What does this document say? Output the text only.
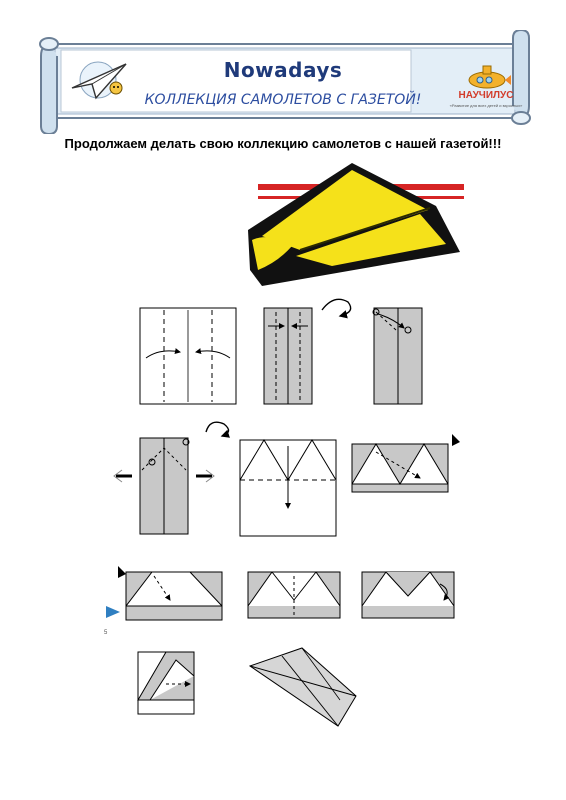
Nowadays
КОЛЛЕКЦИЯ САМОЛЕТОВ С ГАЗЕТОЙ!	НАУЧИЛУС
«Развитие для всех детей и взрослых»
Продолжаем делать свою коллекцию самолетов с нашей газетой!!!
5
